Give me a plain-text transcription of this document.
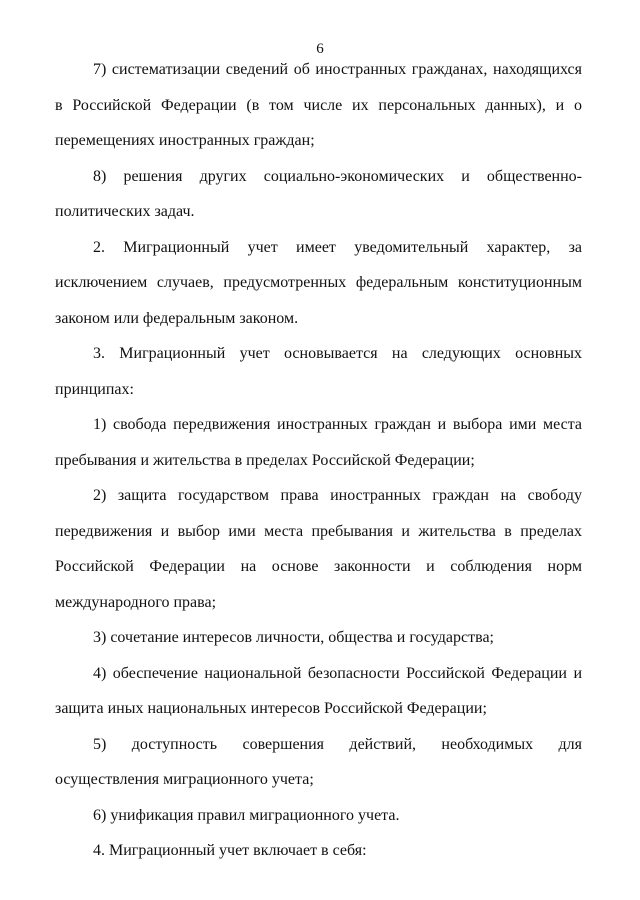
6

7) систематизации сведений об иностранных гражданах, находящихся в Российской Федерации (в том числе их персональных данных), и о перемещениях иностранных граждан;

8) решения других социально-экономических и общественно-политических задач.

2. Миграционный учет имеет уведомительный характер, за исключением случаев, предусмотренных федеральным конституционным законом или федеральным законом.

3. Миграционный учет основывается на следующих основных принципах:

1) свобода передвижения иностранных граждан и выбора ими места пребывания и жительства в пределах Российской Федерации;

2) защита государством права иностранных граждан на свободу передвижения и выбор ими места пребывания и жительства в пределах Российской Федерации на основе законности и соблюдения норм международного права;

3) сочетание интересов личности, общества и государства;

4) обеспечение национальной безопасности Российской Федерации и защита иных национальных интересов Российской Федерации;

5) доступность совершения действий, необходимых для осуществления миграционного учета;

6) унификация правил миграционного учета.

4. Миграционный учет включает в себя:
